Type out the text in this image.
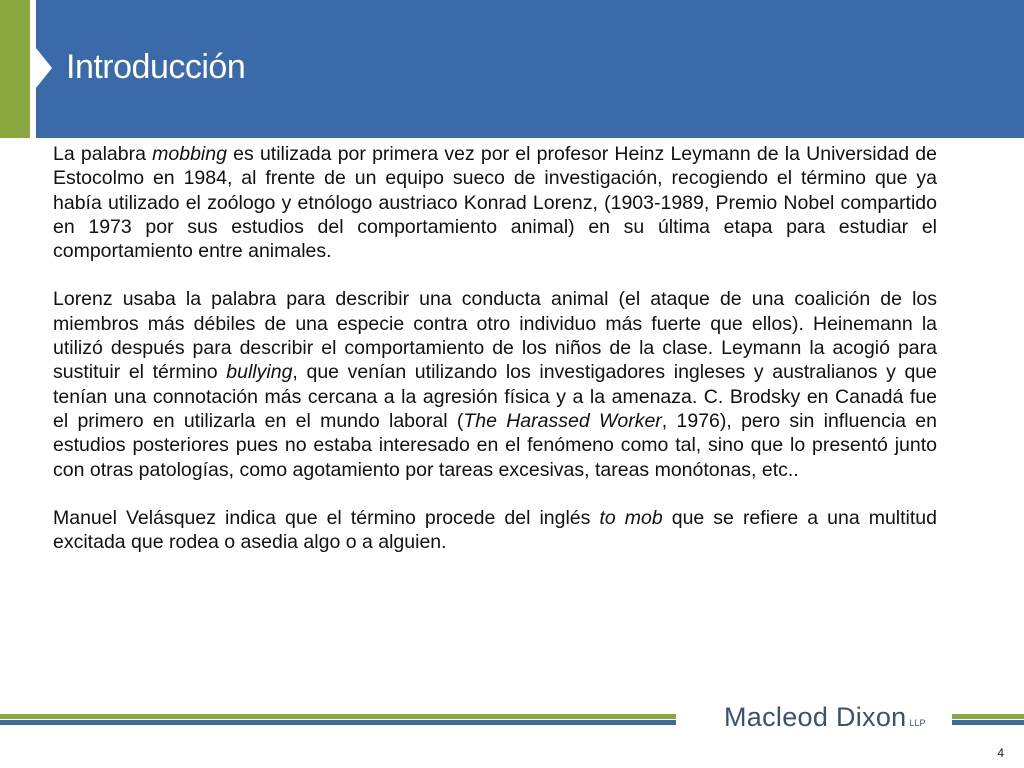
Introducción

La palabra mobbing es utilizada por primera vez por el profesor Heinz Leymann de la Universidad de Estocolmo en 1984, al frente de un equipo sueco de investigación, recogiendo el término que ya había utilizado el zoólogo y etnólogo austriaco Konrad Lorenz, (1903-1989, Premio Nobel compartido en 1973 por sus estudios del comportamiento animal) en su última etapa para estudiar el comportamiento entre animales.

Lorenz usaba la palabra para describir una conducta animal (el ataque de una coalición de los miembros más débiles de una especie contra otro individuo más fuerte que ellos). Heinemann la utilizó después para describir el comportamiento de los niños de la clase. Leymann la acogió para sustituir el término bullying, que venían utilizando los investigadores ingleses y australianos y que tenían una connotación más cercana a la agresión física y a la amenaza. C. Brodsky en Canadá fue el primero en utilizarla en el mundo laboral (The Harassed Worker, 1976), pero sin influencia en estudios posteriores pues no estaba interesado en el fenómeno como tal, sino que lo presentó junto con otras patologías, como agotamiento por tareas excesivas, tareas monótonas, etc..

Manuel Velásquez indica que el término procede del inglés to mob que se refiere a una multitud excitada que rodea o asedia algo o a alguien.

Macleod Dixon LLP
4
